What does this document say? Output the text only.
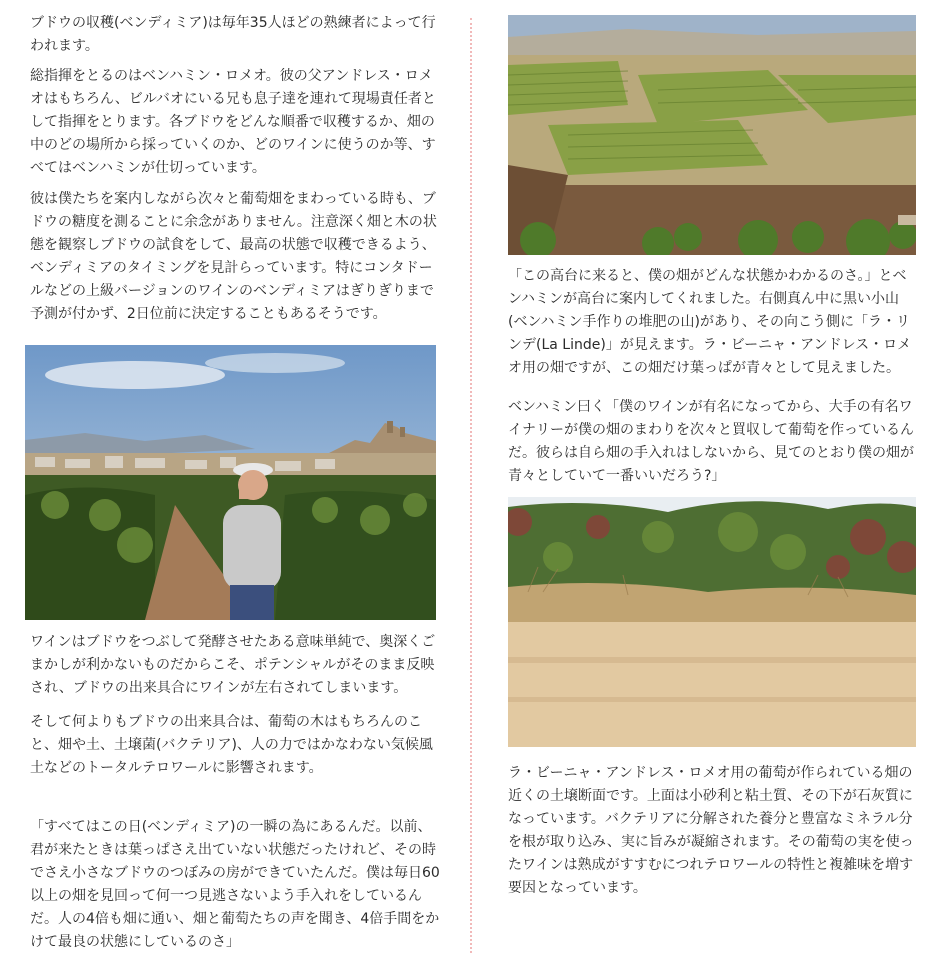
ブドウの収穫(ベンディミア)は毎年35人ほどの熟練者によって行われます。

総指揮をとるのはベンハミン・ロメオ。彼の父アンドレス・ロメオはもちろん、ビルバオにいる兄も息子達を連れて現場責任者として指揮をとります。各ブドウをどんな順番で収穫するか、畑の中のどの場所から採っていくのか、どのワインに使うのか等、すべてはベンハミンが仕切っています。

彼は僕たちを案内しながら次々と葡萄畑をまわっている時も、ブドウの糖度を測ることに余念がありません。注意深く畑と木の状態を観察しブドウの試食をして、最高の状態で収穫できるよう、ベンディミアのタイミングを見計らっています。特にコンタドールなどの上級バージョンのワインのベンディミアはぎりぎりまで予測が付かず、2日位前に決定することもあるそうです。

ワインはブドウをつぶして発酵させたある意味単純で、奥深くごまかしが利かないものだからこそ、ポテンシャルがそのまま反映され、ブドウの出来具合にワインが左右されてしまいます。

そして何よりもブドウの出来具合は、葡萄の木はもちろんのこと、畑や土、土壌菌(バクテリア)、人の力ではかなわない気候風土などのトータルテロワールに影響されます。

「すべてはこの日(ベンディミア)の一瞬の為にあるんだ。以前、君が来たときは葉っぱさえ出ていない状態だったけれど、その時でさえ小さなブドウのつぼみの房ができていたんだ。僕は毎日60以上の畑を見回って何一つ見逃さないよう手入れをしているんだ。人の4倍も畑に通い、畑と葡萄たちの声を聞き、4倍手間をかけて最良の状態にしているのさ」

「この高台に来ると、僕の畑がどんな状態かわかるのさ。」とベンハミンが高台に案内してくれました。右側真ん中に黒い小山(ベンハミン手作りの堆肥の山)があり、その向こう側に「ラ・リンデ(La Linde)」が見えます。ラ・ビーニャ・アンドレス・ロメオ用の畑ですが、この畑だけ葉っぱが青々として見えました。

ベンハミン曰く「僕のワインが有名になってから、大手の有名ワイナリーが僕の畑のまわりを次々と買収して葡萄を作っているんだ。彼らは自ら畑の手入れはしないから、見てのとおり僕の畑が青々としていて一番いいだろう?」

ラ・ビーニャ・アンドレス・ロメオ用の葡萄が作られている畑の近くの土壌断面です。上面は小砂利と粘土質、その下が石灰質になっています。バクテリアに分解された養分と豊富なミネラル分を根が取り込み、実に旨みが凝縮されます。その葡萄の実を使ったワインは熟成がすすむにつれテロワールの特性と複雑味を増す要因となっています。
